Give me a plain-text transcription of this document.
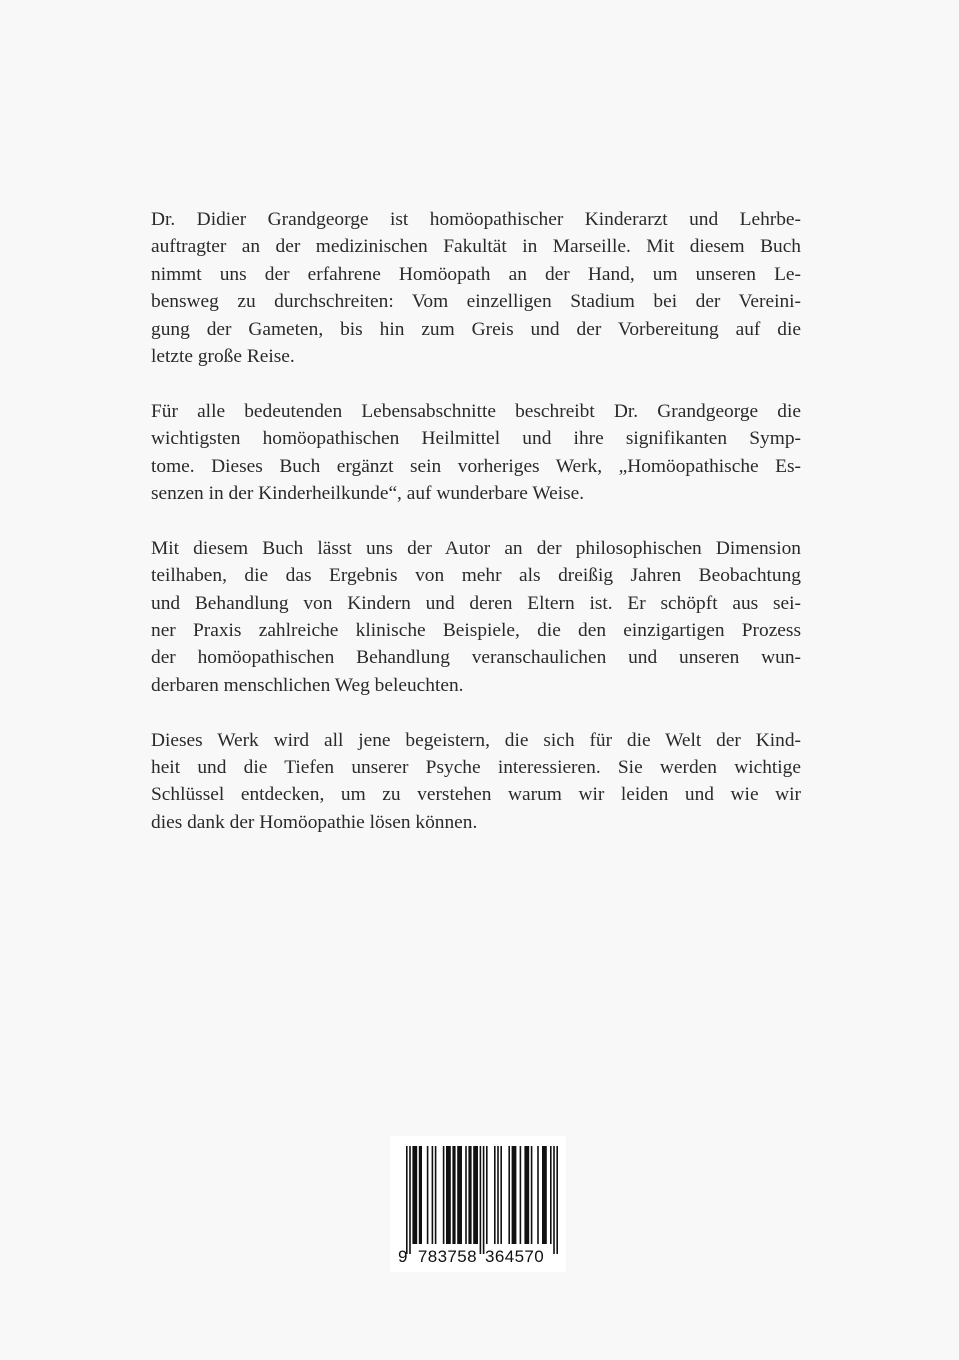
Dr. Didier Grandgeorge ist homöopathischer Kinderarzt und Lehrbe-
auftragter an der medizinischen Fakultät in Marseille. Mit diesem Buch
nimmt uns der erfahrene Homöopath an der Hand, um unseren Le-
bensweg zu durchschreiten: Vom einzelligen Stadium bei der Vereini-
gung der Gameten, bis hin zum Greis und der Vorbereitung auf die
letzte große Reise.
Für alle bedeutenden Lebensabschnitte beschreibt Dr. Grandgeorge die
wichtigsten homöopathischen Heilmittel und ihre signifikanten Symp-
tome. Dieses Buch ergänzt sein vorheriges Werk, „Homöopathische Es-
senzen in der Kinderheilkunde“, auf wunderbare Weise.
Mit diesem Buch lässt uns der Autor an der philosophischen Dimension
teilhaben, die das Ergebnis von mehr als dreißig Jahren Beobachtung
und Behandlung von Kindern und deren Eltern ist. Er schöpft aus sei-
ner Praxis zahlreiche klinische Beispiele, die den einzigartigen Prozess
der homöopathischen Behandlung veranschaulichen und unseren wun-
derbaren menschlichen Weg beleuchten.
Dieses Werk wird all jene begeistern, die sich für die Welt der Kind-
heit und die Tiefen unserer Psyche interessieren. Sie werden wichtige
Schlüssel entdecken, um zu verstehen warum wir leiden und wie wir
dies dank der Homöopathie lösen können.
9 783758 364570
